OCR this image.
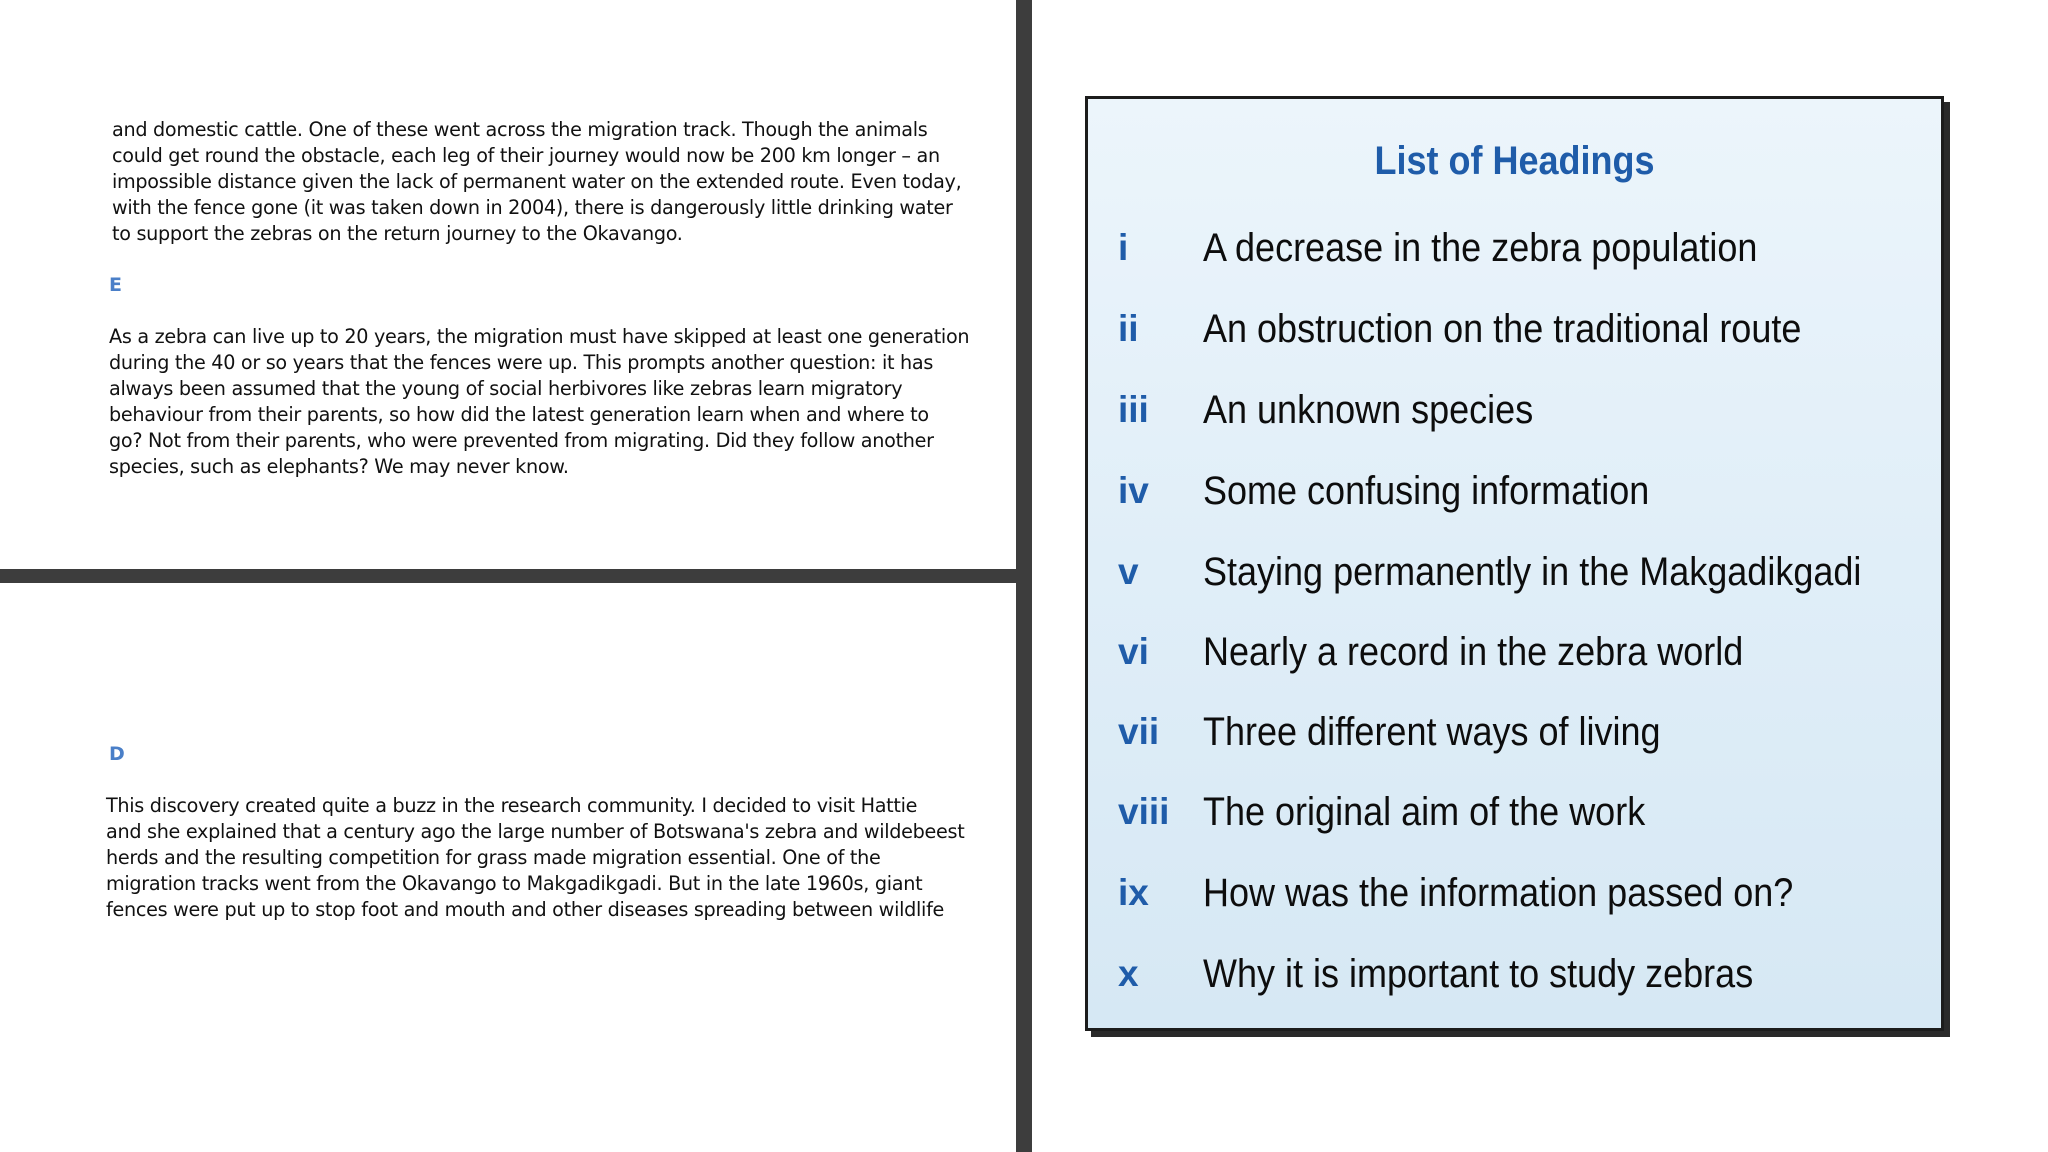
and domestic cattle. One of these went across the migration track. Though the animals
could get round the obstacle, each leg of their journey would now be 200 km longer – an
impossible distance given the lack of permanent water on the extended route. Even today,
with the fence gone (it was taken down in 2004), there is dangerously little drinking water
to support the zebras on the return journey to the Okavango.

E

As a zebra can live up to 20 years, the migration must have skipped at least one generation
during the 40 or so years that the fences were up. This prompts another question: it has
always been assumed that the young of social herbivores like zebras learn migratory
behaviour from their parents, so how did the latest generation learn when and where to
go? Not from their parents, who were prevented from migrating. Did they follow another
species, such as elephants? We may never know.

D

This discovery created quite a buzz in the research community. I decided to visit Hattie
and she explained that a century ago the large number of Botswana's zebra and wildebeest
herds and the resulting competition for grass made migration essential. One of the
migration tracks went from the Okavango to Makgadikgadi. But in the late 1960s, giant
fences were put up to stop foot and mouth and other diseases spreading between wildlife

List of Headings
i	A decrease in the zebra population
ii	An obstruction on the traditional route
iii	An unknown species
iv	Some confusing information
v	Staying permanently in the Makgadikgadi
vi	Nearly a record in the zebra world
vii	Three different ways of living
viii The original aim of the work
ix	How was the information passed on?
x	Why it is important to study zebras
